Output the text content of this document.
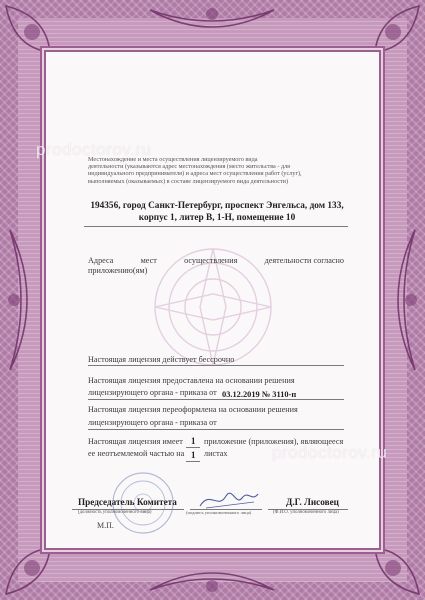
prodoctorov.ru
prodoctorov.ru
Местонахождение и места осуществления лицензируемого вида
деятельности (указываются адрес местонахождения (место жительства - для
индивидуального предпринимателя) и адреса мест осуществления работ (услуг),
выполняемых (оказываемых) в составе лицензируемого вида деятельности)
194356, город Санкт-Петербург, проспект Энгельса, дом 133,
корпус 1, литер В, 1-Н, помещение 10
Адреса	мест	осуществления	деятельности согласно
приложению(ям)
Настоящая лицензия действует бессрочно
Настоящая лицензия предоставлена на основании решения
лицензирующего органа - приказа от 03.12.2019 № 3110-п
Настоящая лицензия переоформлена на основании решения
лицензирующего органа - приказа от
Настоящая лицензия имеет 1 приложение (приложения), являющееся
ее неотъемлемой частью на 1 листах
Председатель Комитета
(должность уполномоченного лица)	(подпись уполномоченного лица)
Д.Г. Лисовец
(Ф.И.О. уполномоченного лица)
М.П.
